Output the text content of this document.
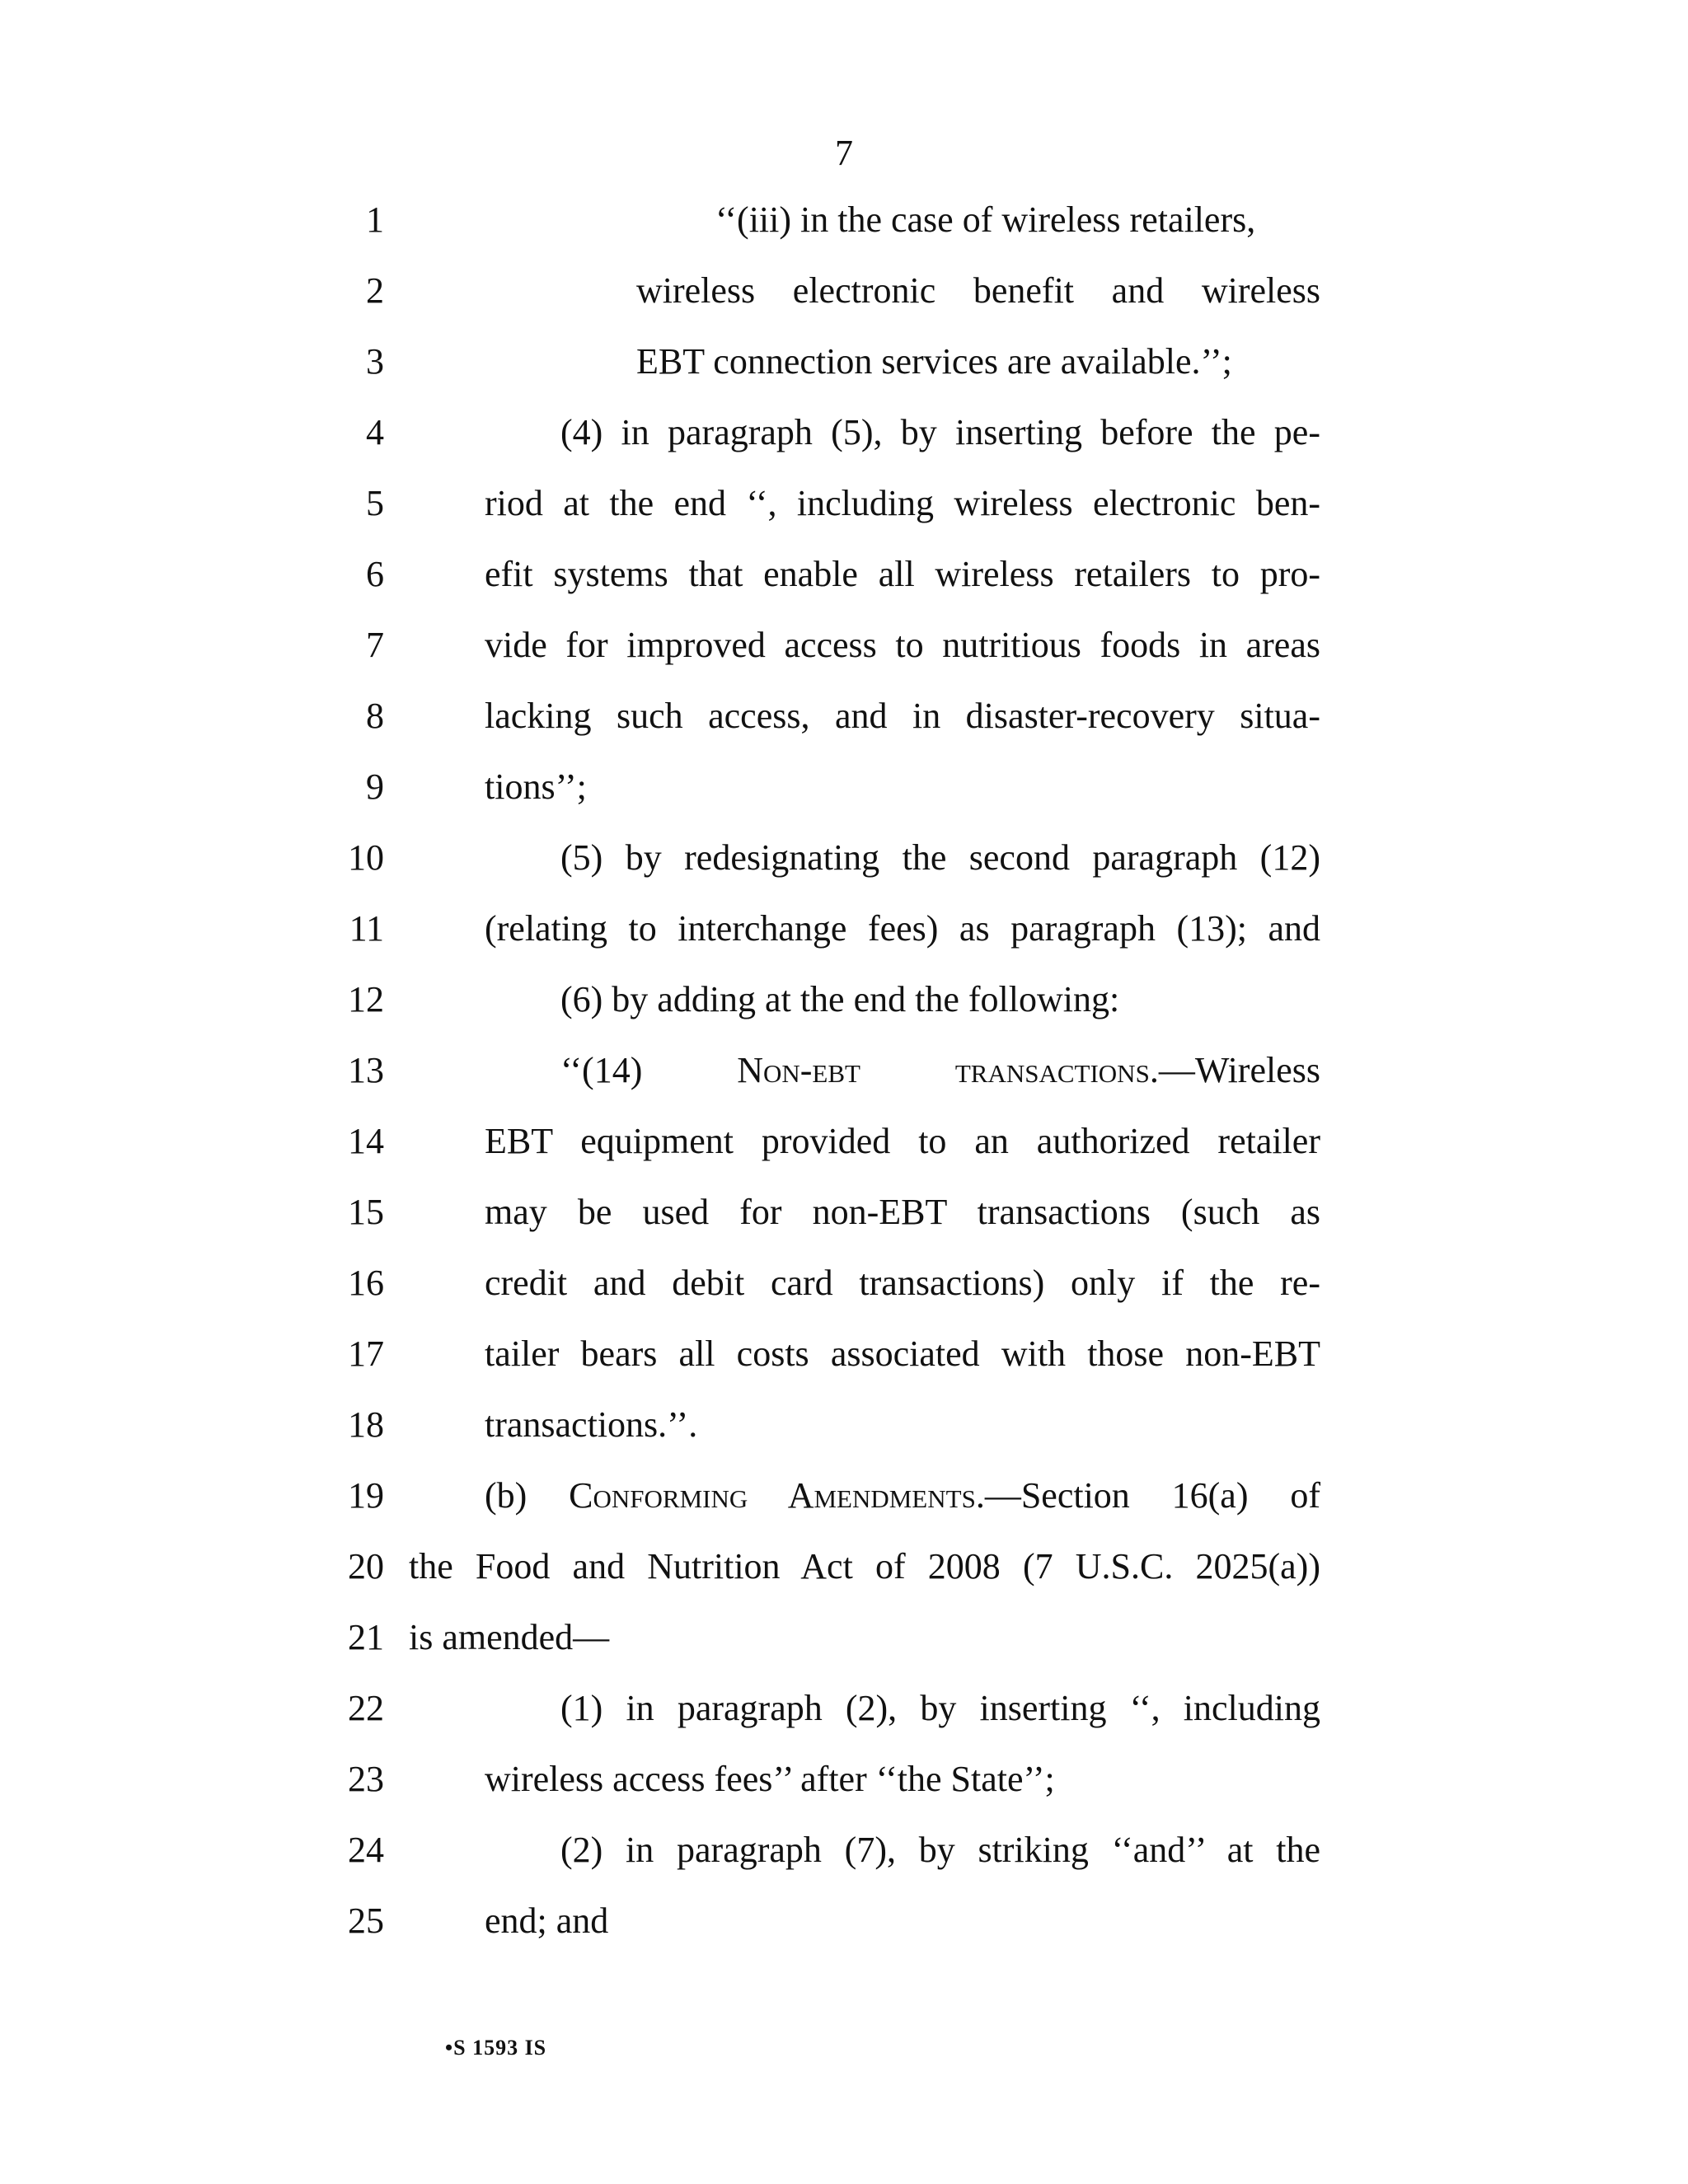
7
1	‘‘(iii) in the case of wireless retailers,
2	wireless electronic benefit and wireless
3	EBT connection services are available.’’;
4	(4) in paragraph (5), by inserting before the pe-
5	riod at the end ‘‘, including wireless electronic ben-
6	efit systems that enable all wireless retailers to pro-
7	vide for improved access to nutritious foods in areas
8	lacking such access, and in disaster-recovery situa-
9	tions’’;
10	(5) by redesignating the second paragraph (12)
11	(relating to interchange fees) as paragraph (13); and
12	(6) by adding at the end the following:
13	‘‘(14)	Non-ebt transactions.—Wireless
14	EBT equipment provided to an authorized retailer
15	may be used for non-EBT transactions (such as
16	credit and debit card transactions) only if the re-
17	tailer bears all costs associated with those non-EBT
18	transactions.’’.
19	(b) Conforming Amendments.—Section 16(a) of
20 the Food and Nutrition Act of 2008 (7 U.S.C. 2025(a))
21 is amended—
22	(1) in paragraph (2), by inserting ‘‘, including
23	wireless access fees’’ after ‘‘the State’’;
24	(2) in paragraph (7), by striking ‘‘and’’ at the
25	end; and
•S 1593 IS
